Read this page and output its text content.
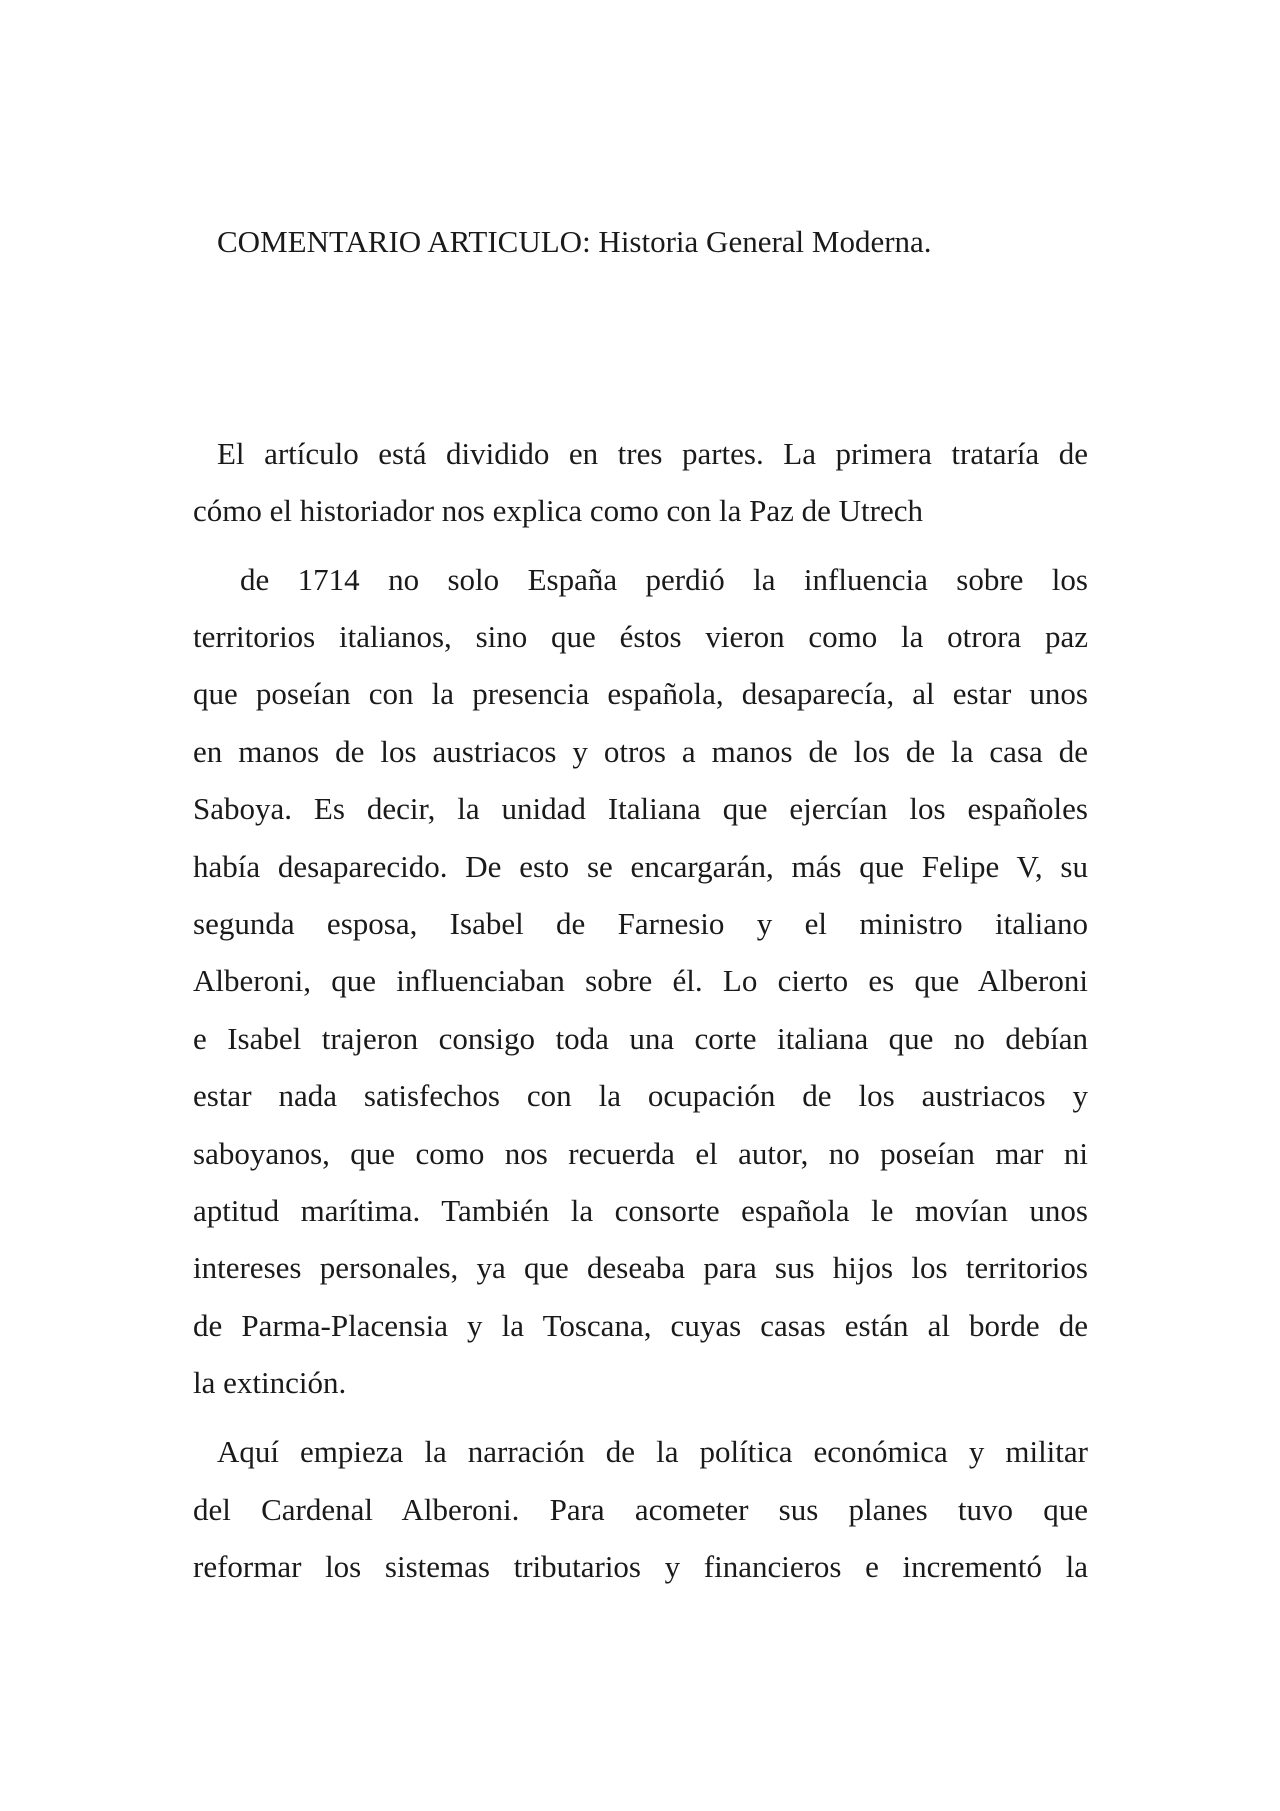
COMENTARIO ARTICULO: Historia General Moderna.

El artículo está dividido en tres partes. La primera trataría de

cómo el historiador nos explica como con la Paz de Utrech

de 1714 no solo España perdió la influencia sobre los

territorios italianos, sino que éstos vieron como la otrora paz

que poseían con la presencia española, desaparecía, al estar unos

en manos de los austriacos y otros a manos de los de la casa de

Saboya. Es decir, la unidad Italiana que ejercían los españoles

había desaparecido. De esto se encargarán, más que Felipe V, su

segunda esposa, Isabel de Farnesio y el ministro italiano

Alberoni, que influenciaban sobre él. Lo cierto es que Alberoni

e Isabel trajeron consigo toda una corte italiana que no debían

estar nada satisfechos con la ocupación de los austriacos y

saboyanos, que como nos recuerda el autor, no poseían mar ni

aptitud marítima. También la consorte española le movían unos

intereses personales, ya que deseaba para sus hijos los territorios

de Parma-Placensia y la Toscana, cuyas casas están al borde de

la extinción.

Aquí empieza la narración de la política económica y militar

del Cardenal Alberoni. Para acometer sus planes tuvo que

reformar los sistemas tributarios y financieros e incrementó la
